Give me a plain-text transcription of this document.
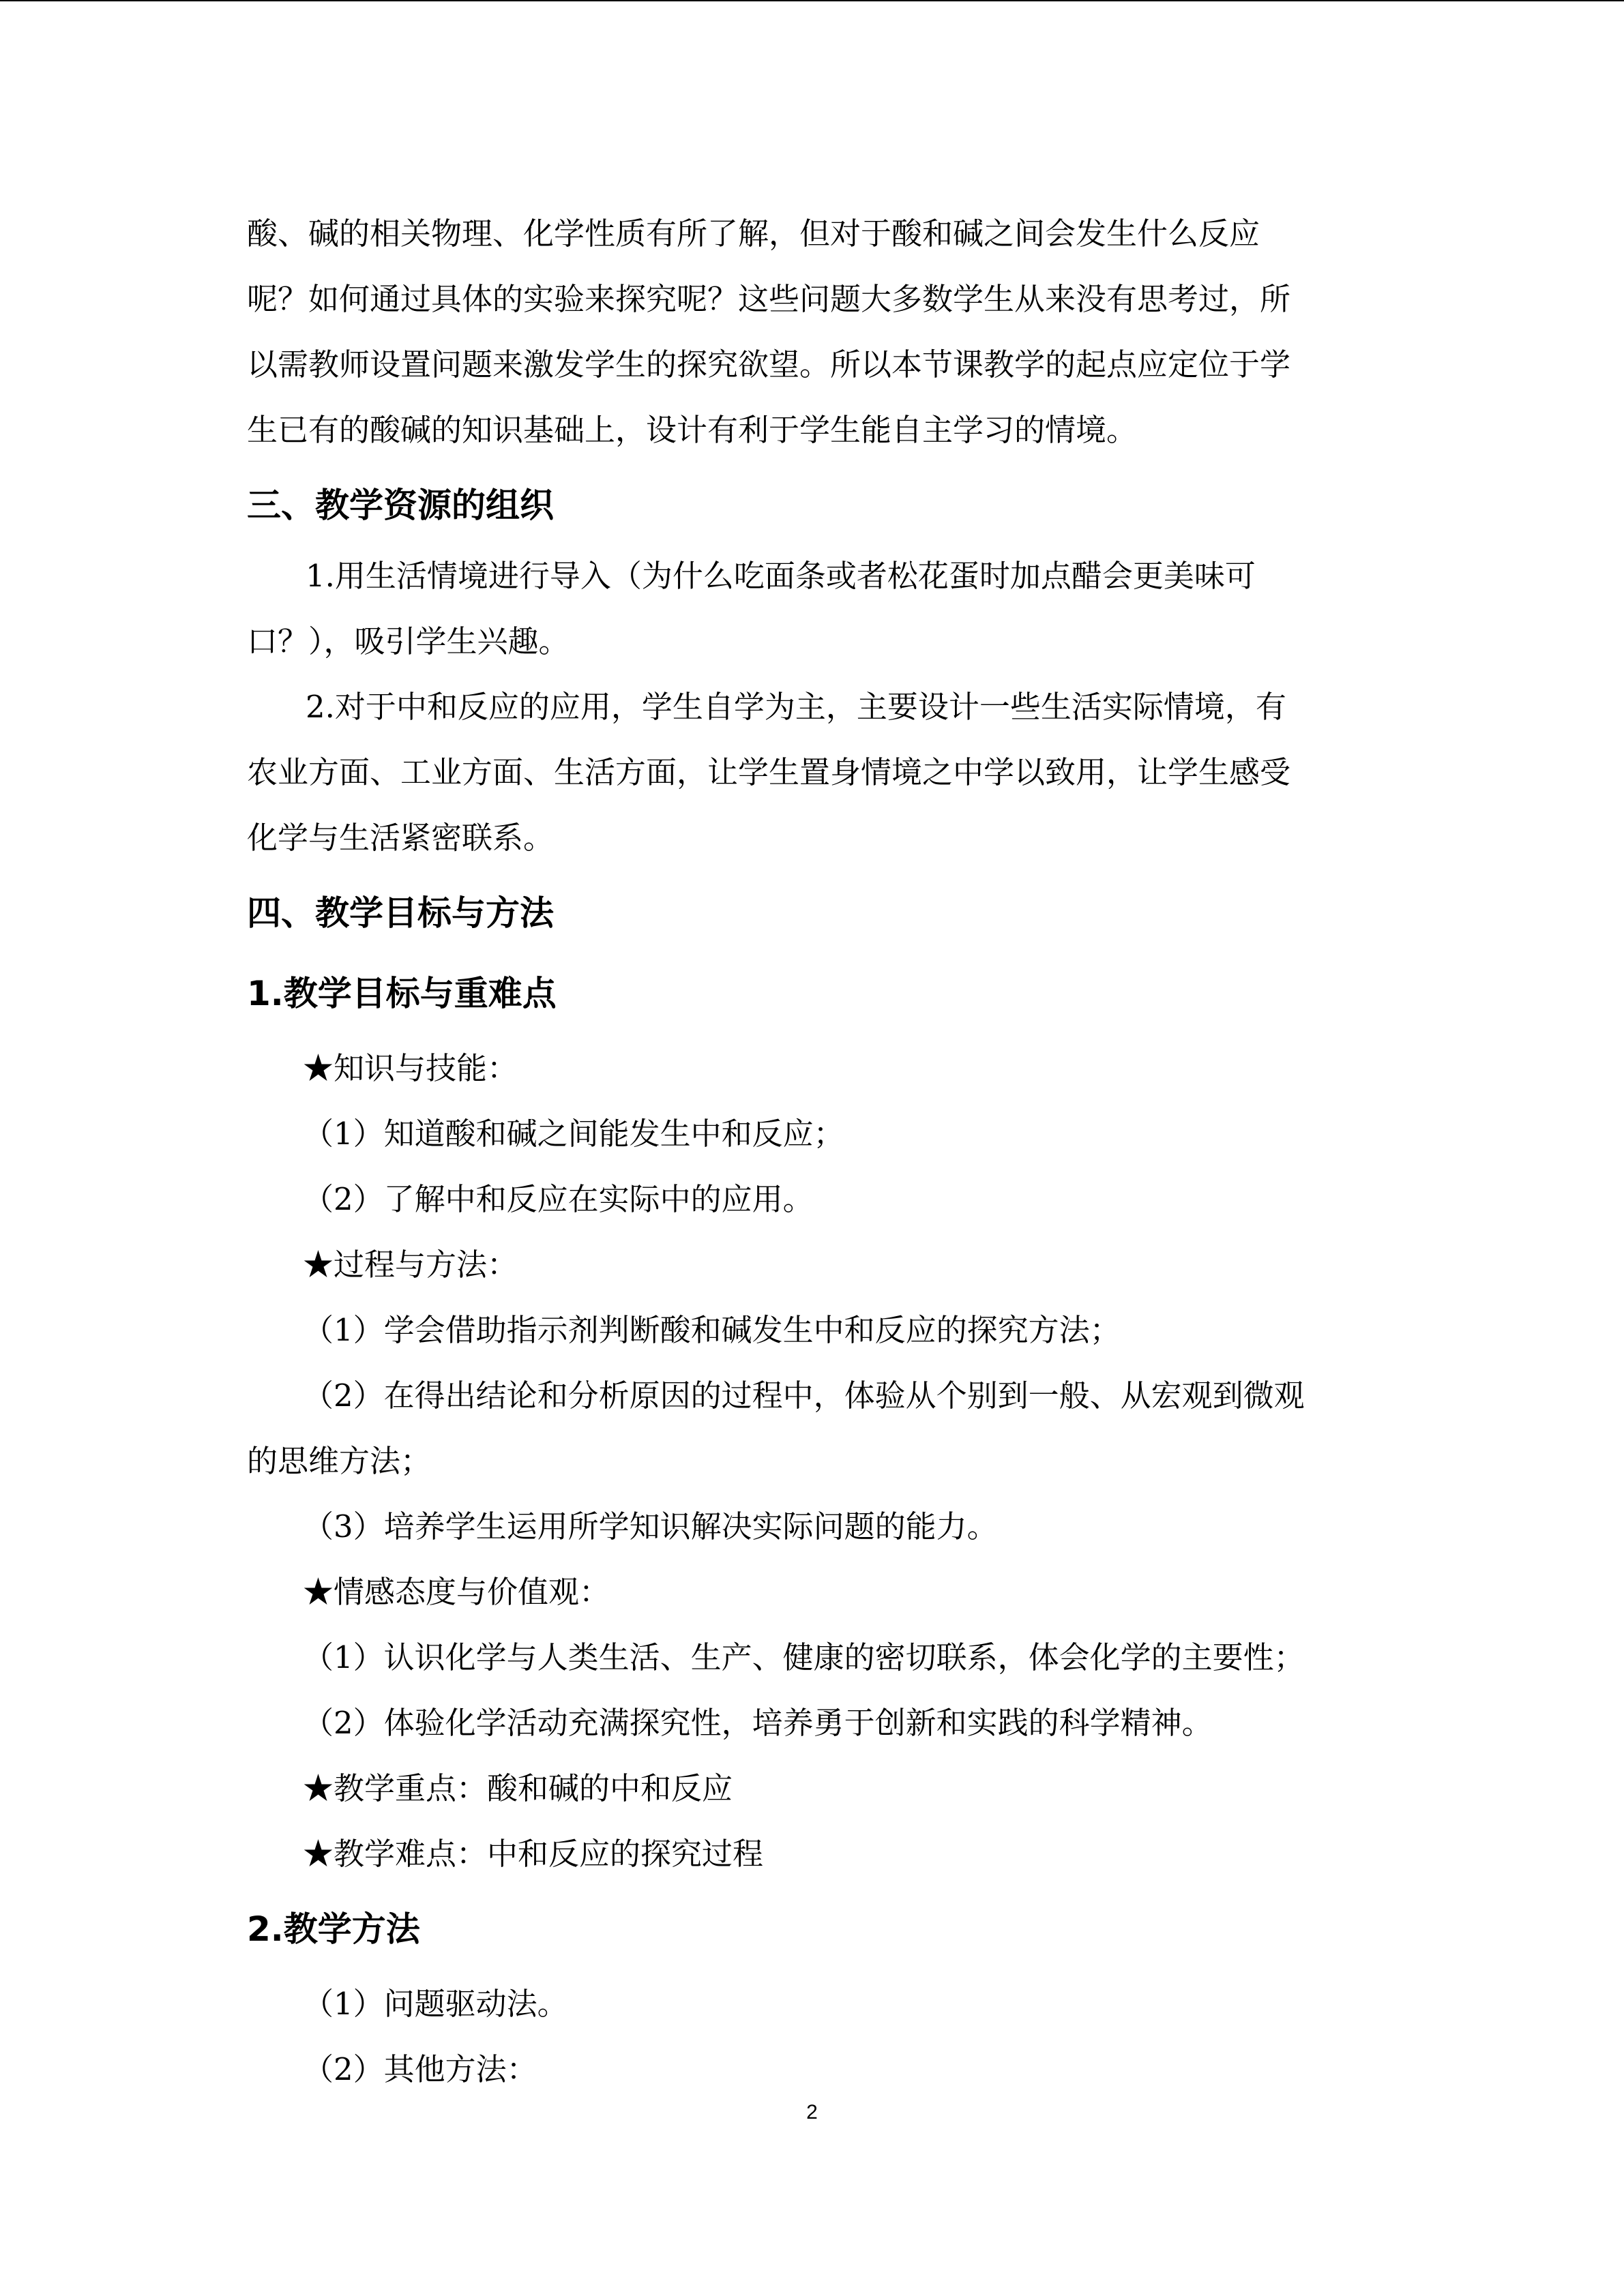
酸、碱的相关物理、化学性质有所了解，但对于酸和碱之间会发生什么反应

呢？如何通过具体的实验来探究呢？这些问题大多数学生从来没有思考过，所

以需教师设置问题来激发学生的探究欲望。所以本节课教学的起点应定位于学

生已有的酸碱的知识基础上，设计有利于学生能自主学习的情境。

三、教学资源的组织

1.用生活情境进行导入（为什么吃面条或者松花蛋时加点醋会更美味可

口？），吸引学生兴趣。

2.对于中和反应的应用，学生自学为主，主要设计一些生活实际情境，有

农业方面、工业方面、生活方面，让学生置身情境之中学以致用，让学生感受

化学与生活紧密联系。

四、教学目标与方法
1.教学目标与重难点

★知识与技能：

（1）知道酸和碱之间能发生中和反应；

（2）了解中和反应在实际中的应用。

★过程与方法：

（1）学会借助指示剂判断酸和碱发生中和反应的探究方法；

（2）在得出结论和分析原因的过程中，体验从个别到一般、从宏观到微观

的思维方法；

（3）培养学生运用所学知识解决实际问题的能力。

★情感态度与价值观：

（1）认识化学与人类生活、生产、健康的密切联系，体会化学的主要性；

（2）体验化学活动充满探究性，培养勇于创新和实践的科学精神。

★教学重点：酸和碱的中和反应

★教学难点：中和反应的探究过程

2.教学方法

（1）问题驱动法。

（2）其他方法：

2
